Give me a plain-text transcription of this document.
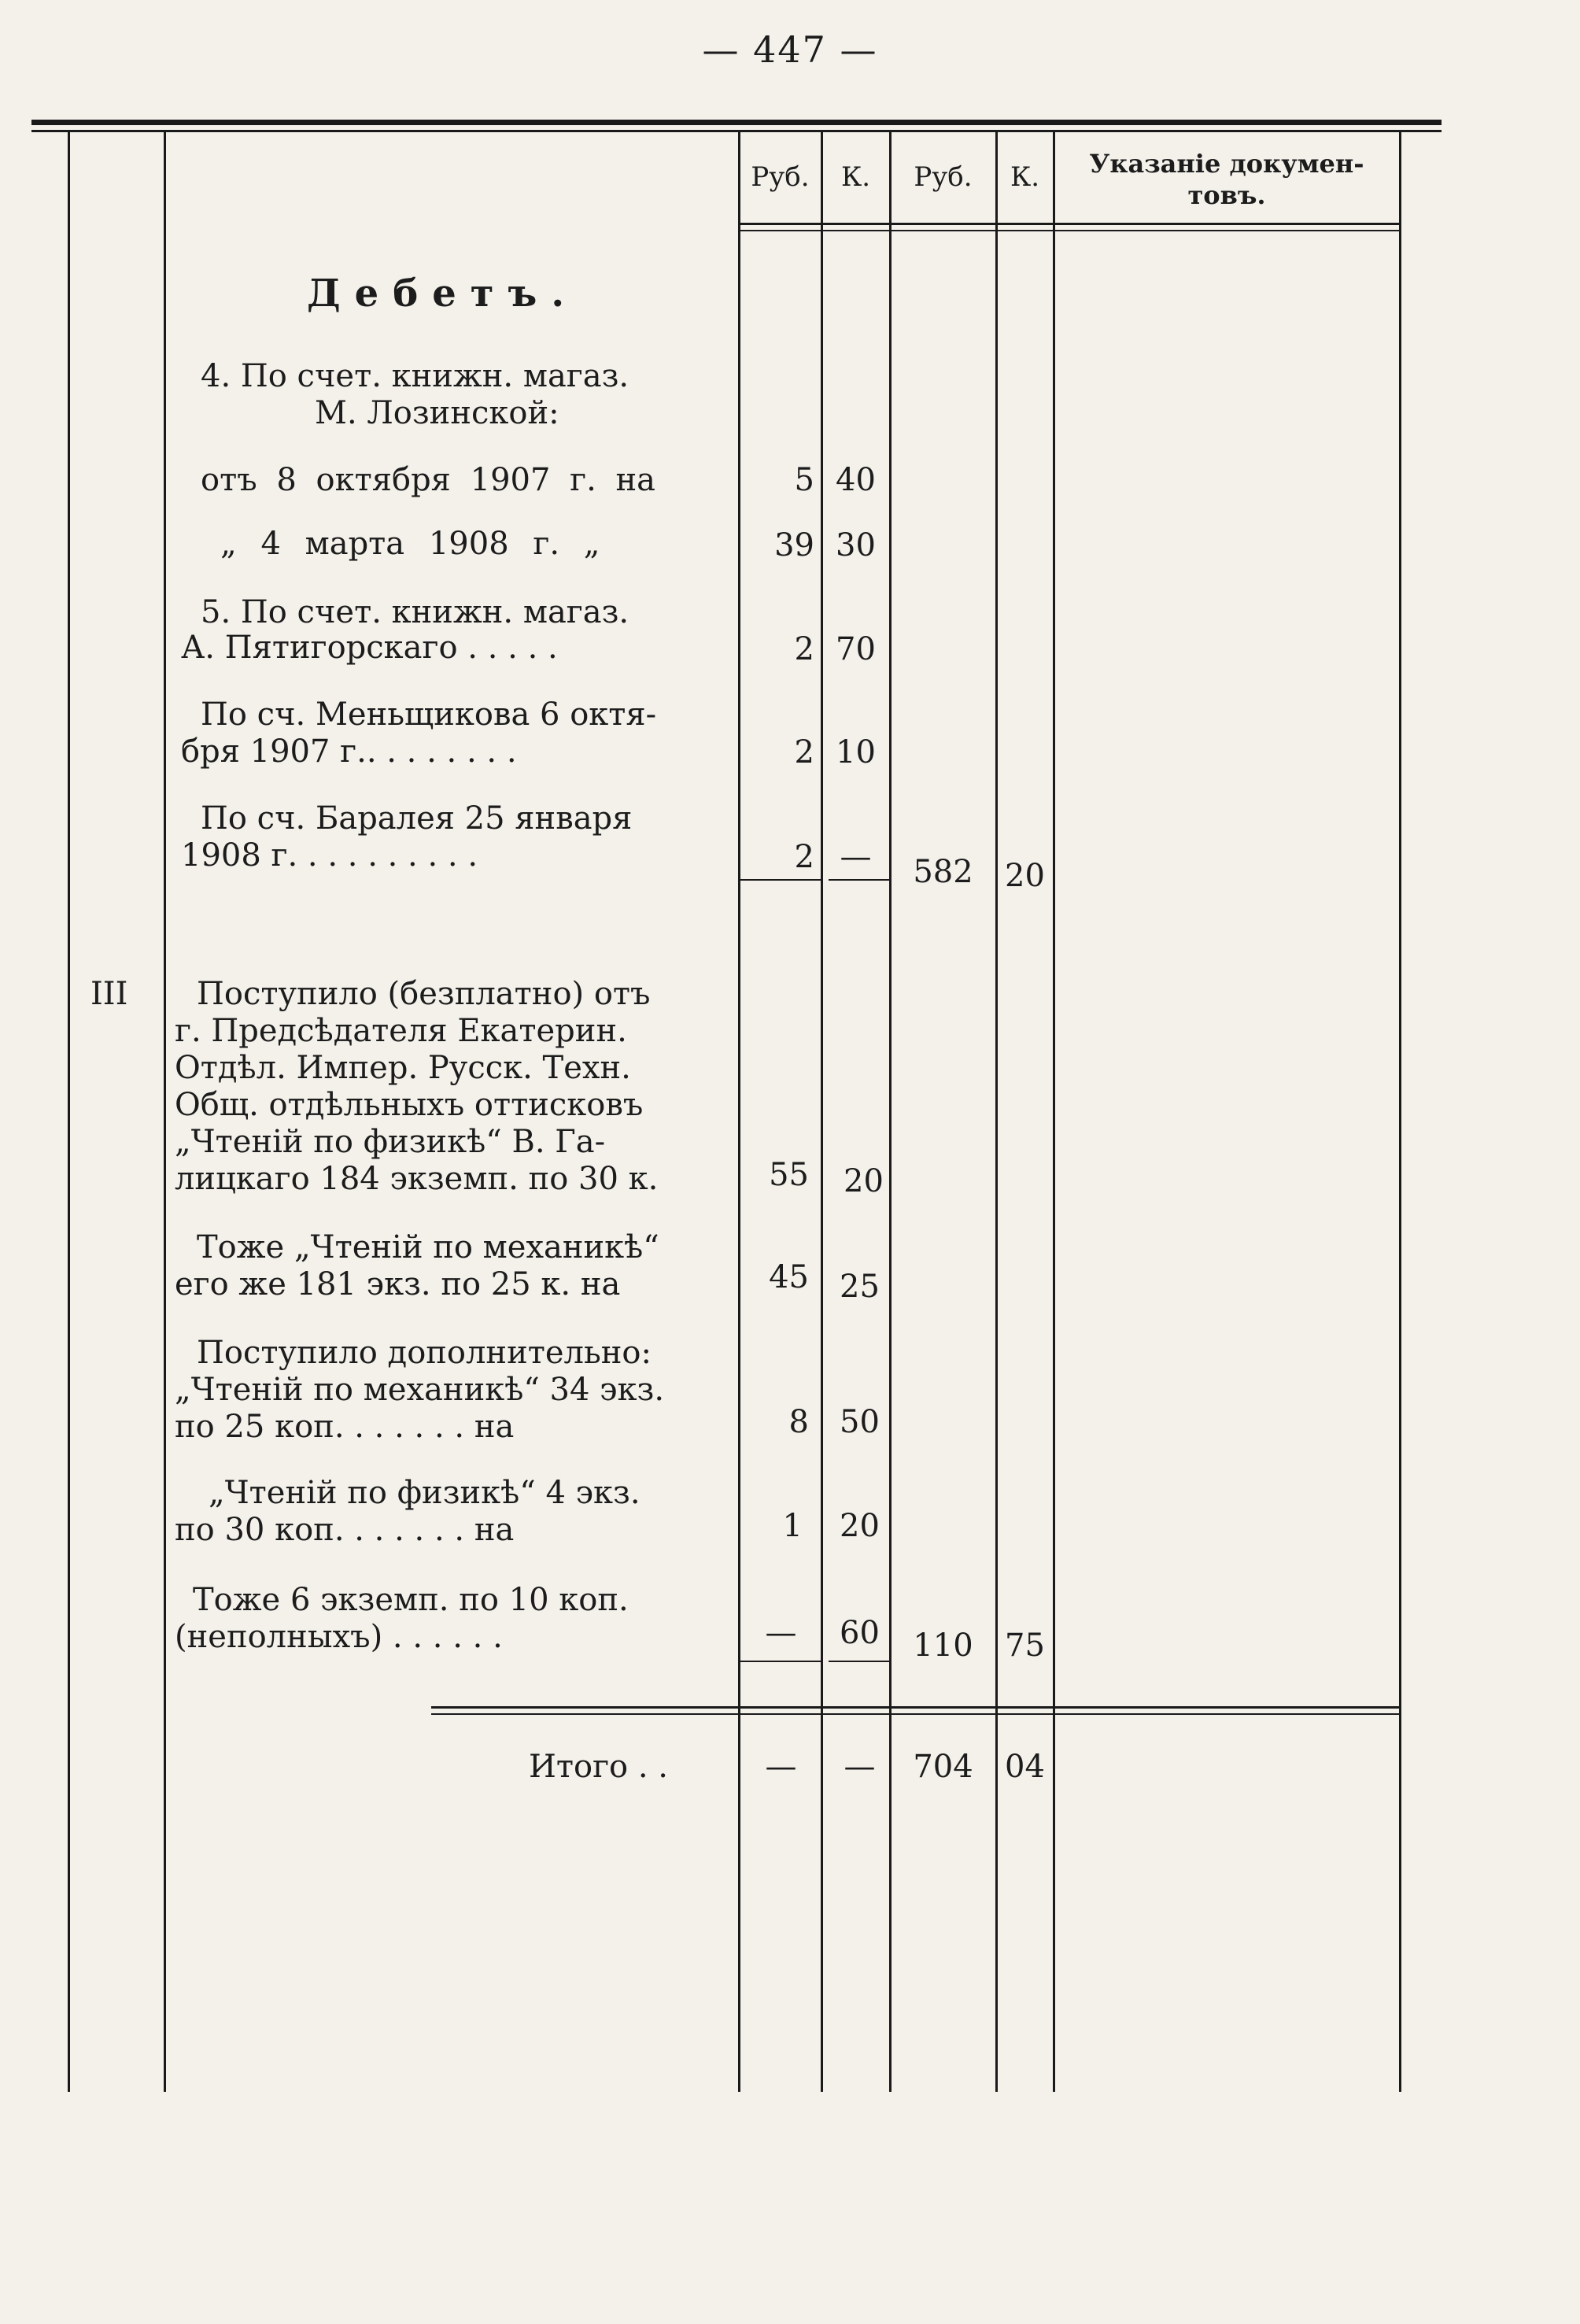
— 447 —
Руб.	К.	Руб.	К.	Указаніе докумен-
товъ.
Дебетъ.
4. По счет. книжн. магаз.
М. Лозинской:
отъ 8 октября 1907 г. на	5 40
„ 4 марта 1908 г. „	39 30
5. По счет. книжн. магаз.
А. Пятигорскаго . . . . .	2 70
По сч. Меньщикова 6 октя-
бря 1907 г.. . . . . . . .	2 10
По сч. Баралея 25 января
1908 г. . . . . . . . . .	2 —	582	20
III Поступило (безплатно) отъ
г. Предсѣдателя Екатерин.
Отдѣл. Импер. Русск. Техн.
Общ. отдѣльныхъ оттисковъ
„Чтеній по физикѣ“ В. Га-
лицкаго 184 экземп. по 30 к.	55	20
Тоже „Чтеній по механикѣ“
его же 181 экз. по 25 к. на	45 25
Поступило дополнительно:
„Чтеній по механикѣ“ 34 экз.
по 25 коп. . . . . . . на	8 50
„Чтеній по физикѣ“ 4 экз.
по 30 коп. . . . . . . на	1	20
Тоже 6 экземп. по 10 коп.
(неполныхъ) . . . . . .	—	60	110	75
Итого . .	—	—	704	04
